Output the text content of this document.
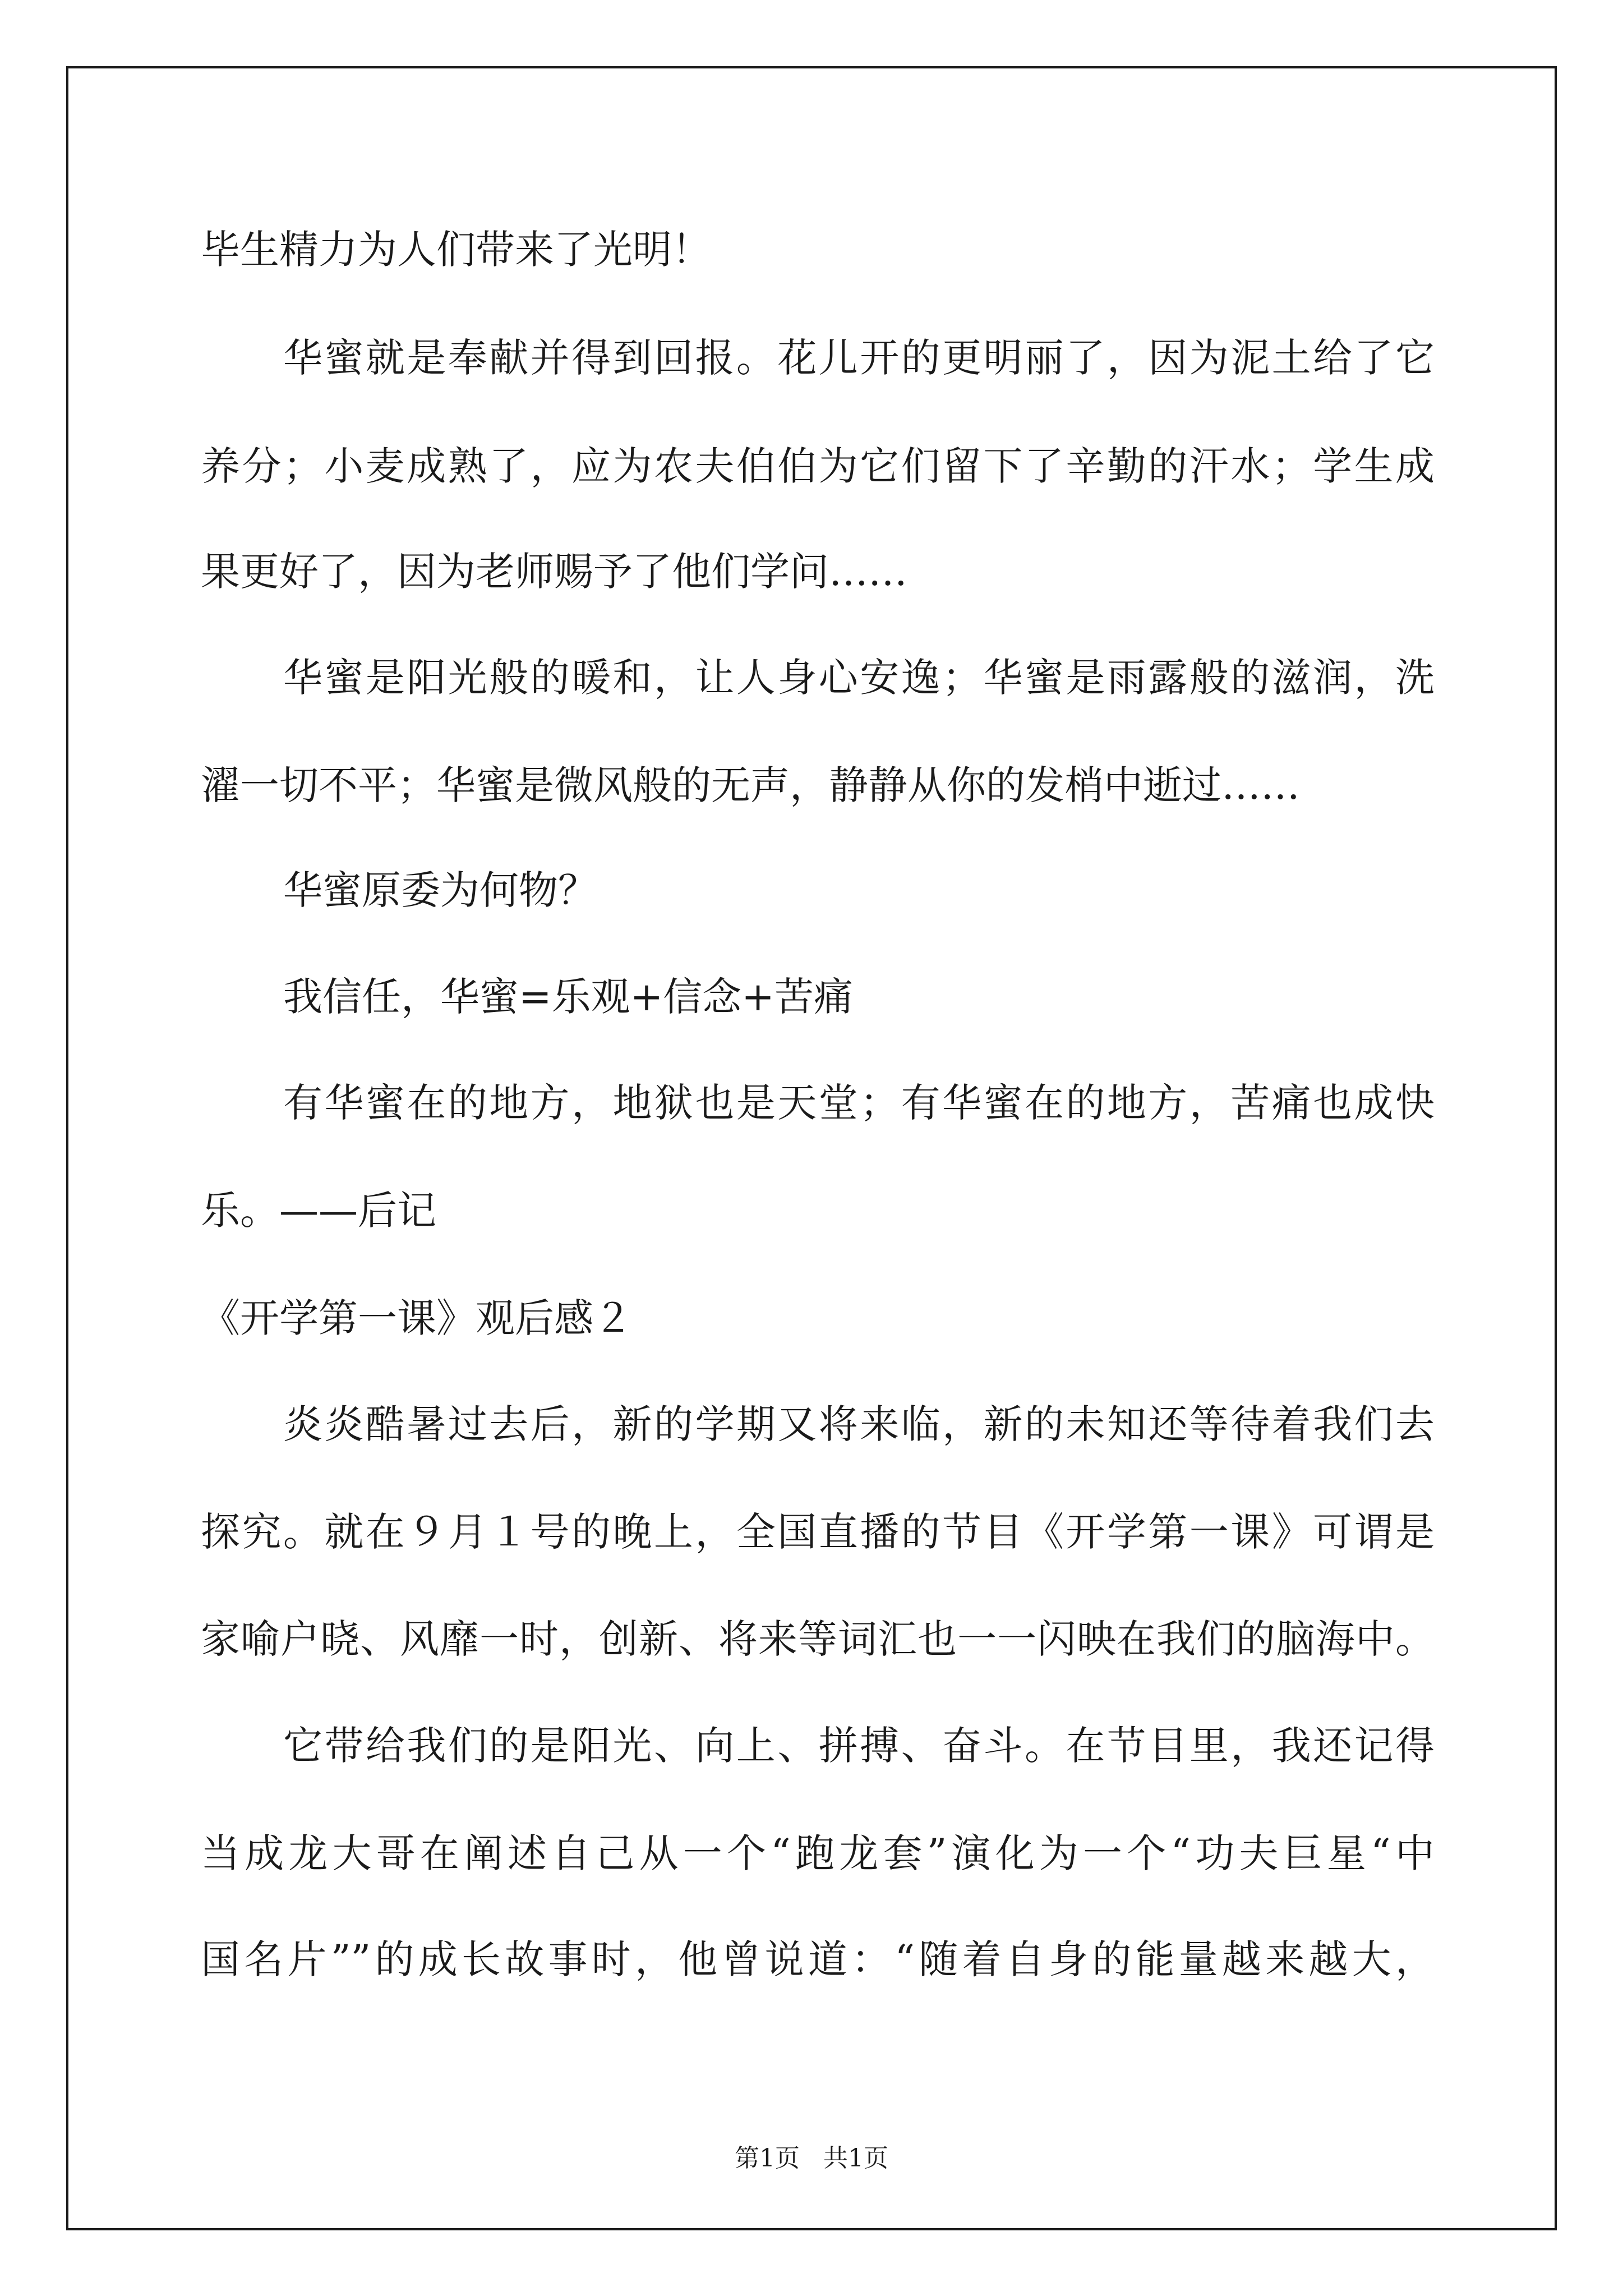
毕生精力为人们带来了光明！

华蜜就是奉献并得到回报。花儿开的更明丽了，因为泥土给了它

养分；小麦成熟了，应为农夫伯伯为它们留下了辛勤的汗水；学生成

果更好了，因为老师赐予了他们学问……

华蜜是阳光般的暖和，让人身心安逸；华蜜是雨露般的滋润，洗

濯一切不平；华蜜是微风般的无声，静静从你的发梢中逝过……

华蜜原委为何物？

我信任，华蜜=乐观+信念+苦痛

有华蜜在的地方，地狱也是天堂；有华蜜在的地方，苦痛也成快

乐。——后记

《开学第一课》观后感２

炎炎酷暑过去后，新的学期又将来临，新的未知还等待着我们去

探究。就在９月１号的晚上，全国直播的节目《开学第一课》可谓是

家喻户晓、风靡一时，创新、将来等词汇也一一闪映在我们的脑海中。

它带给我们的是阳光、向上、拼搏、奋斗。在节目里，我还记得

当成龙大哥在阐述自己从一个“跑龙套”演化为一个“功夫巨星“中

国名片””的成长故事时，他曾说道：“随着自身的能量越来越大，

第1页   共1页
